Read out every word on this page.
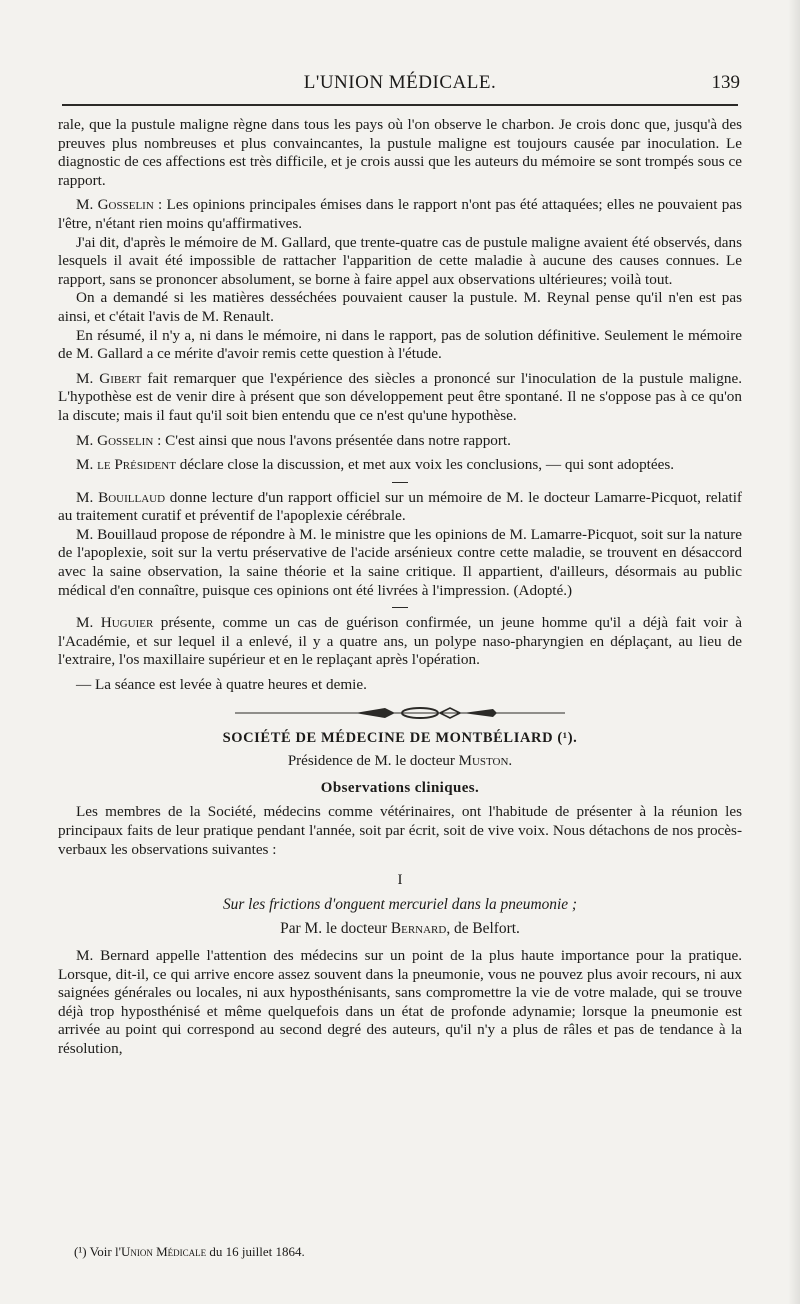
L'UNION MÉDICALE.	139

rale, que la pustule maligne règne dans tous les pays où l'on observe le charbon. Je crois donc que, jusqu'à des preuves plus nombreuses et plus convaincantes, la pustule maligne est toujours causée par inoculation. Le diagnostic de ces affections est très difficile, et je crois aussi que les auteurs du mémoire se sont trompés sous ce rapport.

M. Gosselin : Les opinions principales émises dans le rapport n'ont pas été attaquées; elles ne pouvaient pas l'être, n'étant rien moins qu'affirmatives.

J'ai dit, d'après le mémoire de M. Gallard, que trente-quatre cas de pustule maligne avaient été observés, dans lesquels il avait été impossible de rattacher l'apparition de cette maladie à aucune des causes connues. Le rapport, sans se prononcer absolument, se borne à faire appel aux observations ultérieures; voilà tout.

On a demandé si les matières desséchées pouvaient causer la pustule. M. Reynal pense qu'il n'en est pas ainsi, et c'était l'avis de M. Renault.

En résumé, il n'y a, ni dans le mémoire, ni dans le rapport, pas de solution définitive. Seulement le mémoire de M. Gallard a ce mérite d'avoir remis cette question à l'étude.

M. Gibert fait remarquer que l'expérience des siècles a prononcé sur l'inoculation de la pustule maligne. L'hypothèse est de venir dire à présent que son développement peut être spontané. Il ne s'oppose pas à ce qu'on la discute; mais il faut qu'il soit bien entendu que ce n'est qu'une hypothèse.

M. Gosselin : C'est ainsi que nous l'avons présentée dans notre rapport.

M. le Président déclare close la discussion, et met aux voix les conclusions, — qui sont adoptées.

M. Bouillaud donne lecture d'un rapport officiel sur un mémoire de M. le docteur Lamarre-Picquot, relatif au traitement curatif et préventif de l'apoplexie cérébrale.

M. Bouillaud propose de répondre à M. le ministre que les opinions de M. Lamarre-Picquot, soit sur la nature de l'apoplexie, soit sur la vertu préservative de l'acide arsénieux contre cette maladie, se trouvent en désaccord avec la saine observation, la saine théorie et la saine critique. Il appartient, d'ailleurs, désormais au public médical d'en connaître, puisque ces opinions ont été livrées à l'impression. (Adopté.)

M. Huguier présente, comme un cas de guérison confirmée, un jeune homme qu'il a déjà fait voir à l'Académie, et sur lequel il a enlevé, il y a quatre ans, un polype naso-pharyngien en déplaçant, au lieu de l'extraire, l'os maxillaire supérieur et en le replaçant après l'opération.

— La séance est levée à quatre heures et demie.

SOCIÉTÉ DE MÉDECINE DE MONTBÉLIARD (¹).
Présidence de M. le docteur Muston.
Observations cliniques.

Les membres de la Société, médecins comme vétérinaires, ont l'habitude de présenter à la réunion les principaux faits de leur pratique pendant l'année, soit par écrit, soit de vive voix. Nous détachons de nos procès-verbaux les observations suivantes :

I
Sur les frictions d'onguent mercuriel dans la pneumonie ;
Par M. le docteur Bernard, de Belfort.

M. Bernard appelle l'attention des médecins sur un point de la plus haute importance pour la pratique. Lorsque, dit-il, ce qui arrive encore assez souvent dans la pneumonie, vous ne pouvez plus avoir recours, ni aux saignées générales ou locales, ni aux hyposthénisants, sans compromettre la vie de votre malade, qui se trouve déjà trop hyposthénisé et même quelquefois dans un état de profonde adynamie; lorsque la pneumonie est arrivée au point qui correspond au second degré des auteurs, qu'il n'y a plus de râles et pas de tendance à la résolution,

(¹) Voir l'Union Médicale du 16 juillet 1864.
